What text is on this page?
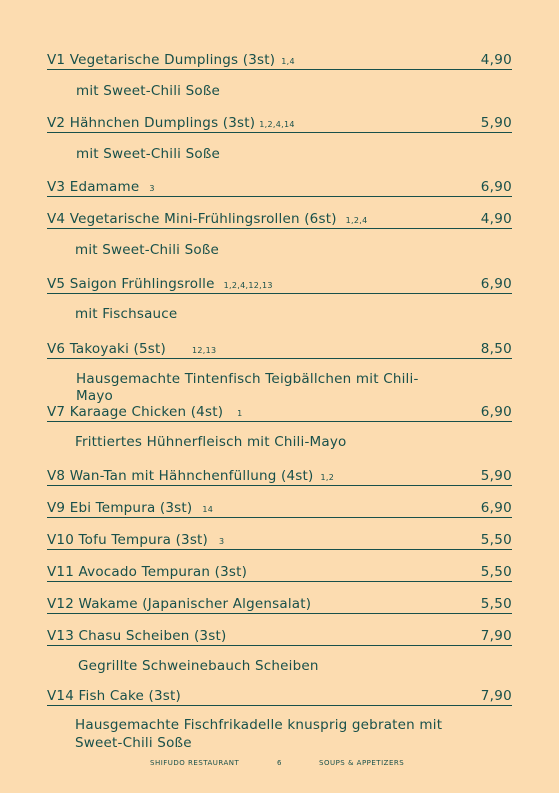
V1 Vegetarische Dumplings (3st) 1,4	4,90
mit Sweet-Chili Soße
V2 Hähnchen Dumplings (3st) 1,2,4,14	5,90
mit Sweet-Chili Soße
V3 Edamame 3	6,90
V4 Vegetarische Mini-Frühlingsrollen (6st) 1,2,4	4,90
mit Sweet-Chili Soße
V5 Saigon Frühlingsrolle 1,2,4,12,13	6,90
mit Fischsauce
V6 Takoyaki (5st)	12,13	8,50
Hausgemachte Tintenfisch Teigbällchen mit Chili-
Mayo
V7 Karaage Chicken (4st) 1	6,90
Frittiertes Hühnerfleisch mit Chili-Mayo
V8 Wan-Tan mit Hähnchenfüllung (4st) 1,2	5,90
V9 Ebi Tempura (3st) 14	6,90
V10 Tofu Tempura (3st) 3	5,50
V11 Avocado Tempuran (3st)	5,50
V12 Wakame (Japanischer Algensalat)	5,50
V13 Chasu Scheiben (3st)	7,90
Gegrillte Schweinebauch Scheiben
V14 Fish Cake (3st)	7,90
Hausgemachte Fischfrikadelle knusprig gebraten mit
Sweet-Chili Soße
SHIFUDO RESTAURANT	6	SOUPS & APPETIZERS
